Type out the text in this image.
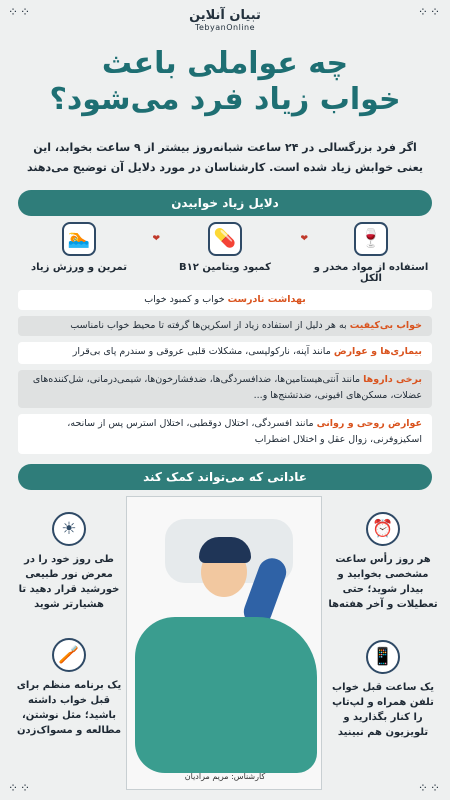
⁘⁘	⁘⁘
⁘⁘	⁘⁘
تبیان آنلاین
TebyanOnline
چه عواملی باعث
خواب زیاد فرد می‌شود؟
اگر فرد بزرگسالی در ۲۴ ساعت شبانه‌روز بیشتر از ۹ ساعت بخوابد، این یعنی خوابش زیاد شده است. کارشناسان در مورد دلایل آن توضیح می‌دهند
دلایل زیاد خوابیدن
🍷
استفاده از مواد مخدر و الکل
❤
💊
کمبود ویتامین B۱۲
❤
🏊
تمرین و ورزش زیاد
بهداشت نادرست خواب و کمبود خواب
خواب بی‌کیفیت به هر دلیل از استفاده زیاد از اسکرین‌ها گرفته تا محیط خواب نامناسب
بیماری‌ها و عوارض مانند آپنه، نارکولپسی، مشکلات قلبی عروقی و سندرم پای بی‌قرار
برخی داروها مانند آنتی‌هیستامین‌ها، ضدافسردگی‌ها، ضدفشارخون‌ها، شیمی‌درمانی، شل‌کننده‌های عضلات، مسکن‌های افیونی، ضدتشنج‌ها و...
عوارض روحی و روانی مانند افسردگی، اختلال دوقطبی، اختلال استرس پس از سانحه، اسکیزوفرنی، زوال عقل و اختلال اضطراب
عاداتی که می‌تواند کمک کند
کارشناس: مریم مرادیان
⏰
هر روز رأس ساعت مشخصی بخوابید و بیدار شوید؛ حتی تعطیلات و آخر هفته‌ها
☀
طی روز خود را در معرض نور طبیعی خورشید قرار دهید تا هشیارتر شوید
📱
یک ساعت قبل خواب تلفن همراه و لپ‌تاپ را کنار بگذارید و تلویزیون هم نبینید
🪥
یک برنامه منظم برای قبل خواب داشته باشید؛ مثل نوشتن، مطالعه و مسواک‌زدن
